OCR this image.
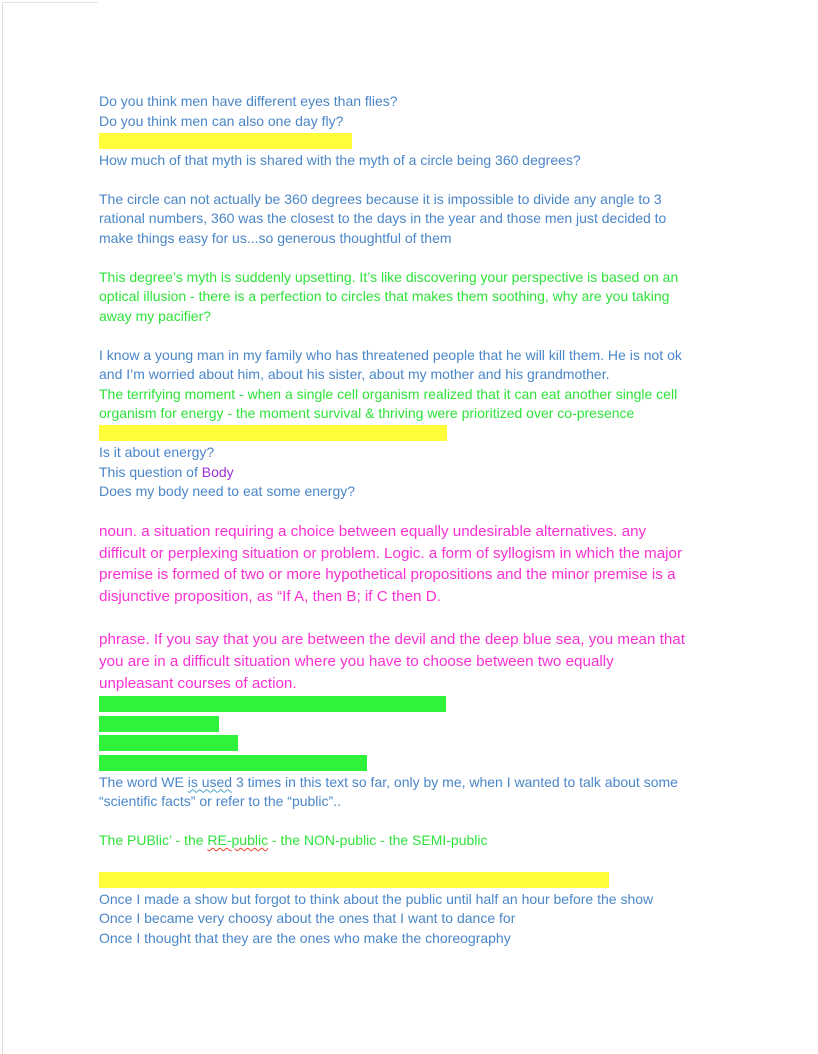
Do you think men have different eyes than flies?
Do you think men can also one day fly?
How much of that myth is shared with the myth of a circle being 360 degrees?
The circle can not actually be 360 degrees because it is impossible to divide any angle to 3
rational numbers, 360 was the closest to the days in the year and those men just decided to
make things easy for us...so generous thoughtful of them
This degree’s myth is suddenly upsetting. It’s like discovering your perspective is based on an
optical illusion - there is a perfection to circles that makes them soothing, why are you taking
away my pacifier?
I know a young man in my family who has threatened people that he will kill them. He is not ok
and I’m worried about him, about his sister, about my mother and his grandmother.
The terrifying moment - when a single cell organism realized that it can eat another single cell
organism for energy - the moment survival & thriving were prioritized over co-presence
Is it about energy?
This question of Body
Does my body need to eat some energy?
noun. a situation requiring a choice between equally undesirable alternatives. any
difficult or perplexing situation or problem. Logic. a form of syllogism in which the major
premise is formed of two or more hypothetical propositions and the minor premise is a
disjunctive proposition, as “If A, then B; if C then D.
phrase. If you say that you are between the devil and the deep blue sea, you mean that
you are in a difficult situation where you have to choose between two equally
unpleasant courses of action.
The word WE is used 3 times in this text so far, only by me, when I wanted to talk about some
“scientific facts” or refer to the “public”..
The PUBlic’ - the RE-public - the NON-public - the SEMI-public
Once I made a show but forgot to think about the public until half an hour before the show
Once I became very choosy about the ones that I want to dance for
Once I thought that they are the ones who make the choreography
